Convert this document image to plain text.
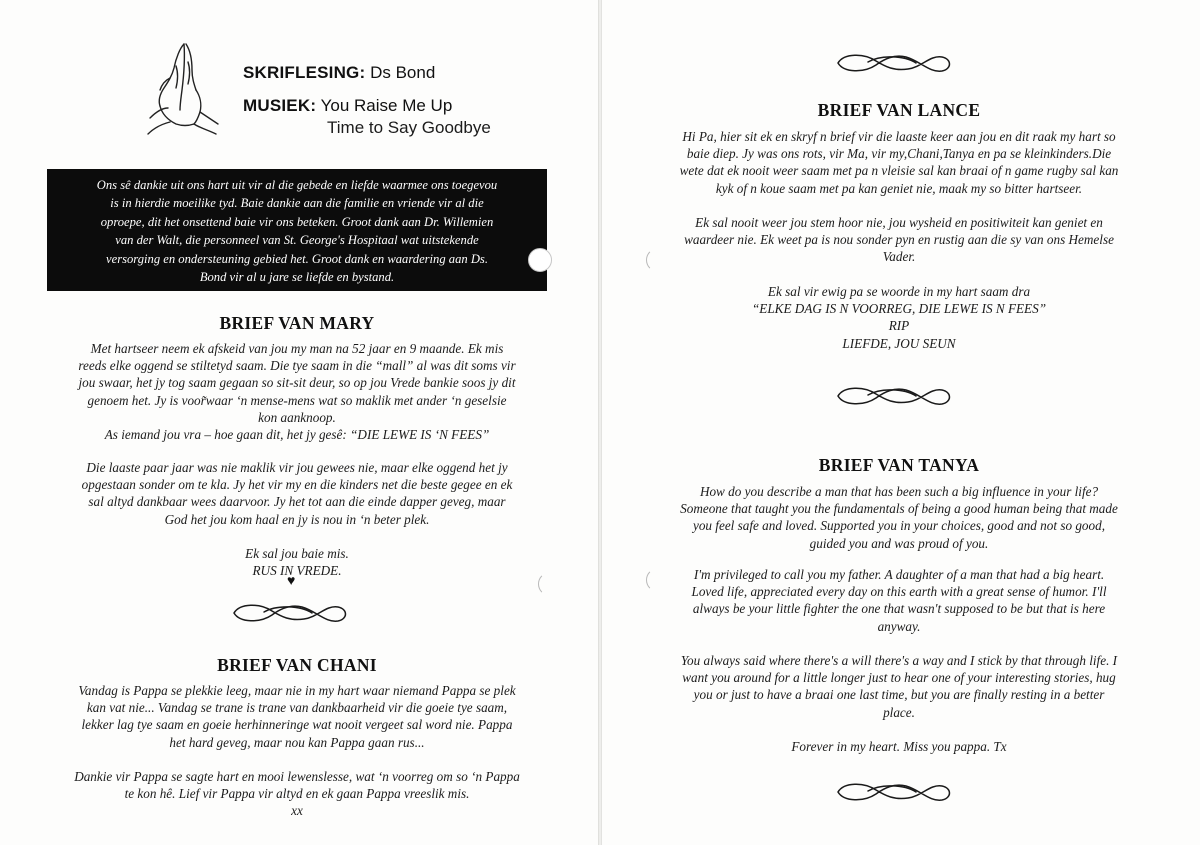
SKRIFLESING: Ds Bond
MUSIEK: You Raise Me Up
Time to Say Goodbye
Ons sê dankie uit ons hart uit vir al die gebede en liefde waarmee ons toegevou
is in hierdie moeilike tyd. Baie dankie aan die familie en vriende vir al die
oproepe, dit het onsettend baie vir ons beteken. Groot dank aan Dr. Willemien
van der Walt, die personneel van St. George's Hospitaal wat uitstekende
versorging en ondersteuning gebied het. Groot dank en waardering aan Ds.
Bond vir al u jare se liefde en bystand.
BRIEF VAN MARY
Met hartseer neem ek afskeid van jou my man na 52 jaar en 9 maande. Ek mis
reeds elke oggend se stiltetyd saam. Die tye saam in die “mall” al was dit soms vir
jou swaar, het jy tog saam gegaan so sit-sit deur, so op jou Vrede bankie soos jy dit
genoem het. Jy is voor̃waar ‘n mense-mens wat so maklik met ander ‘n geselsie
kon aanknoop.
As iemand jou vra – hoe gaan dit, het jy gesê: “DIE LEWE IS ‘N FEES”
Die laaste paar jaar was nie maklik vir jou gewees nie, maar elke oggend het jy
opgestaan sonder om te kla. Jy het vir my en die kinders net die beste gegee en ek
sal altyd dankbaar wees daarvoor. Jy het tot aan die einde dapper geveg, maar
God het jou kom haal en jy is nou in ‘n beter plek.
Ek sal jou baie mis.
RUS IN VREDE.
♥
BRIEF VAN CHANI
Vandag is Pappa se plekkie leeg, maar nie in my hart waar niemand Pappa se plek
kan vat nie... Vandag se trane is trane van dankbaarheid vir die goeie tye saam,
lekker lag tye saam en goeie herhinneringe wat nooit vergeet sal word nie. Pappa
het hard geveg, maar nou kan Pappa gaan rus...
Dankie vir Pappa se sagte hart en mooi lewenslesse, wat ‘n voorreg om so ‘n Pappa
te kon hê. Lief vir Pappa vir altyd en ek gaan Pappa vreeslik mis.
xx
BRIEF VAN LANCE
Hi Pa, hier sit ek en skryf n brief vir die laaste keer aan jou en dit raak my hart so
baie diep. Jy was ons rots, vir Ma, vir my,Chani,Tanya en pa se kleinkinders.Die
wete dat ek nooit weer saam met pa n vleisie sal kan braai of n game rugby sal kan
kyk of n koue saam met pa kan geniet nie, maak my so bitter hartseer.
Ek sal nooit weer jou stem hoor nie, jou wysheid en positiwiteit kan geniet en
waardeer nie. Ek weet pa is nou sonder pyn en rustig aan die sy van ons Hemelse
Vader.
Ek sal vir ewig pa se woorde in my hart saam dra
“ELKE DAG IS N VOORREG, DIE LEWE IS N FEES”
RIP
LIEFDE, JOU SEUN
BRIEF VAN TANYA
How do you describe a man that has been such a big influence in your life?
Someone that taught you the fundamentals of being a good human being that made
you feel safe and loved. Supported you in your choices, good and not so good,
guided you and was proud of you.
I'm privileged to call you my father. A daughter of a man that had a big heart.
Loved life, appreciated every day on this earth with a great sense of humor. I'll
always be your little fighter the one that wasn't supposed to be but that is here
anyway.
You always said where there's a will there's a way and I stick by that through life. I
want you around for a little longer just to hear one of your interesting stories, hug
you or just to have a braai one last time, but you are finally resting in a better
place.
Forever in my heart. Miss you pappa. Tx
